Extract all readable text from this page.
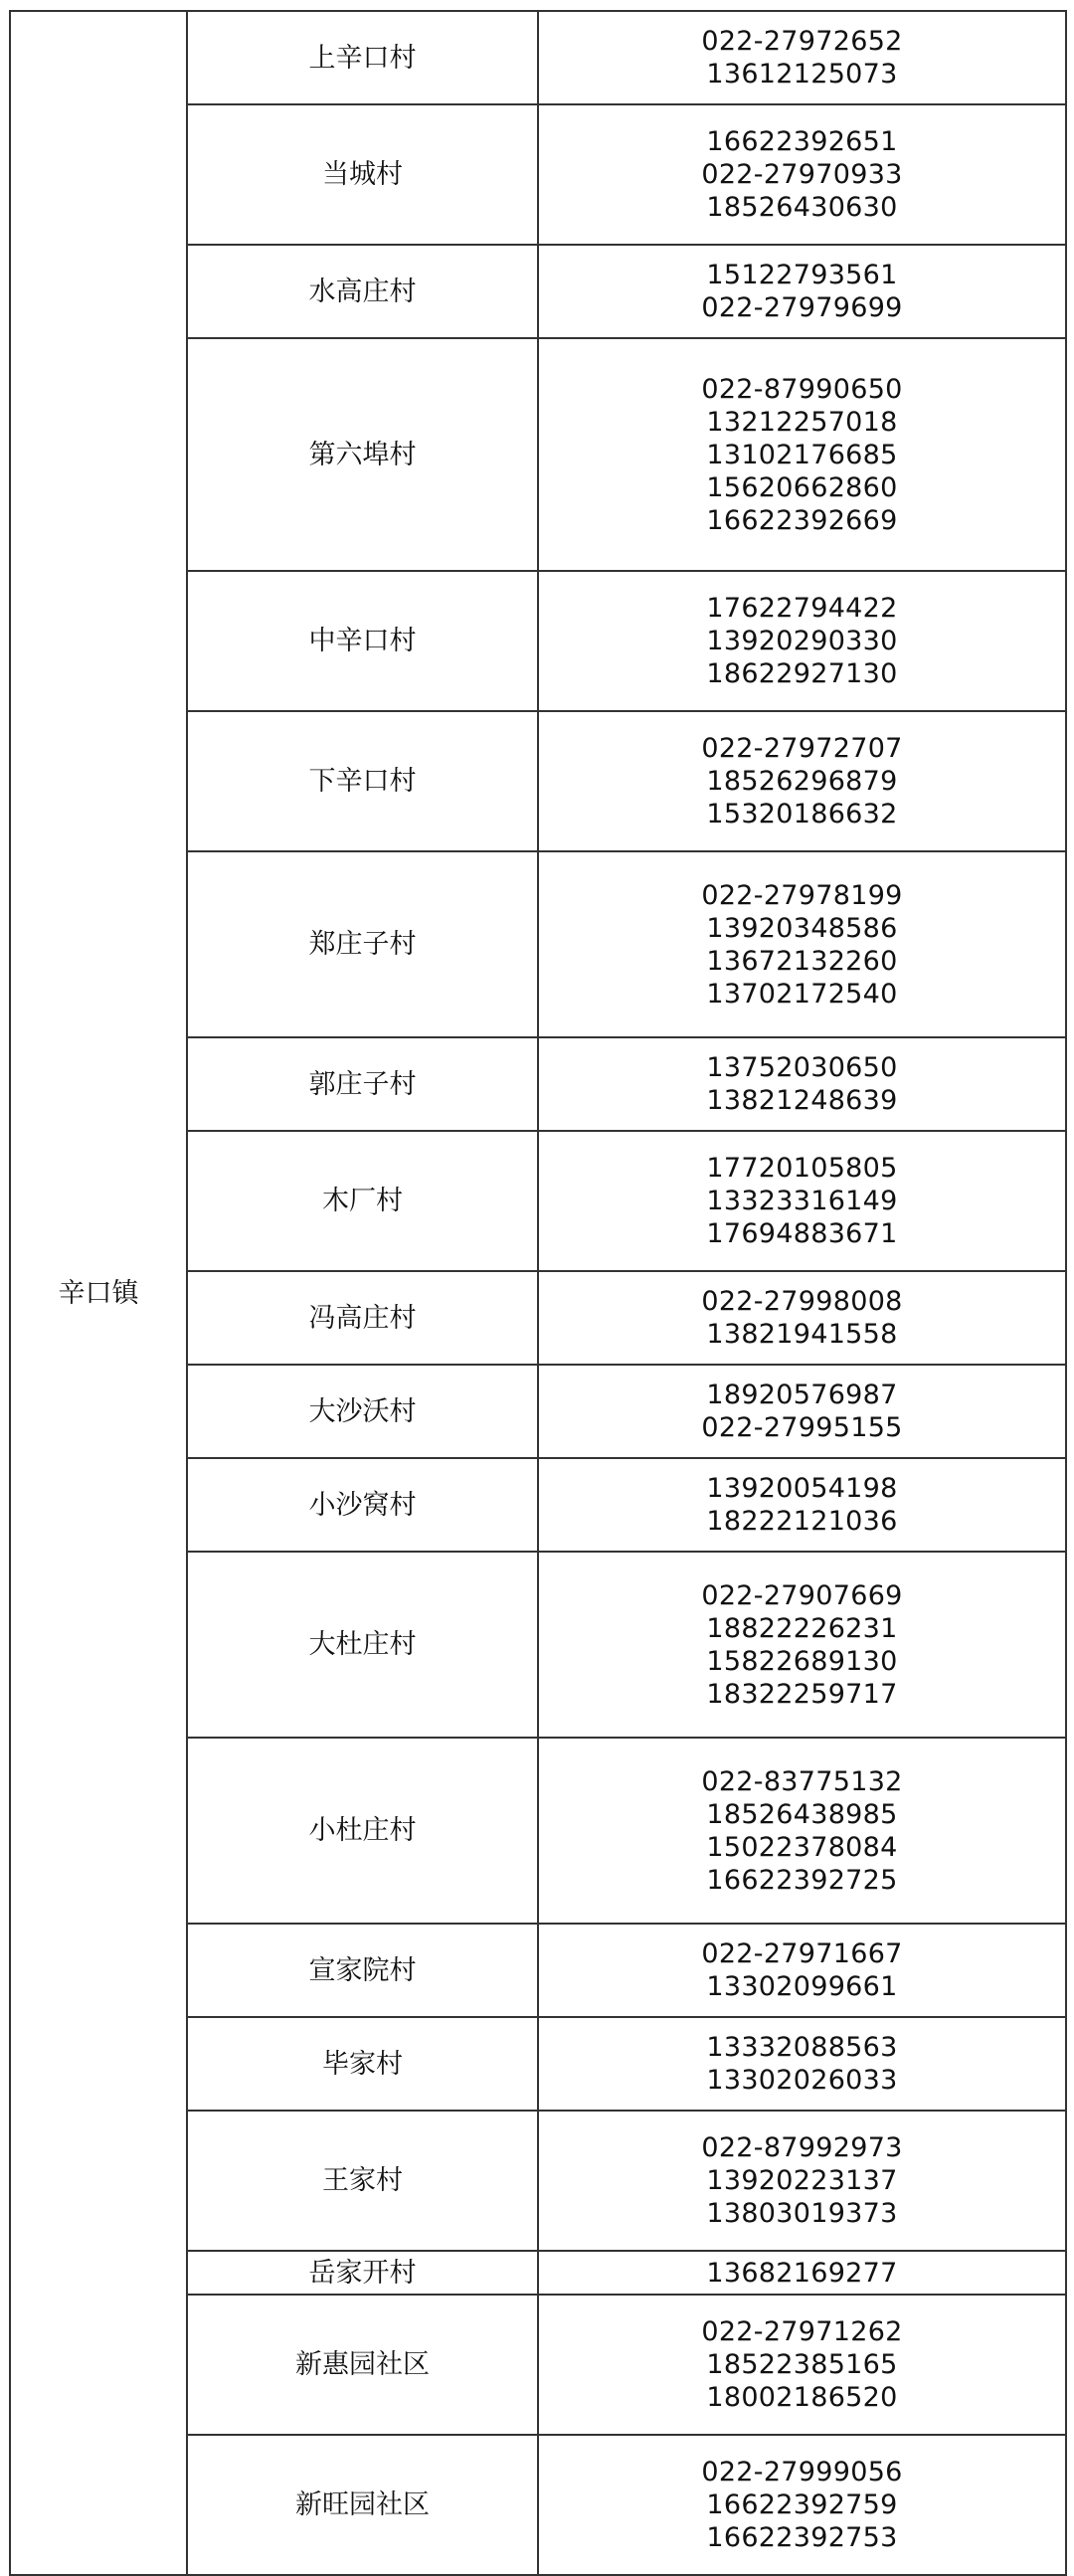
辛口镇	上辛口村	022-27972652
13612125073

	当城村	16622392651
022-27970933
18526430630

	水高庄村	15122793561
022-27979699

	第六埠村	022-87990650
13212257018
13102176685
15620662860
16622392669

	中辛口村	17622794422
13920290330
18622927130

	下辛口村	022-27972707
18526296879
15320186632

	郑庄子村	022-27978199
13920348586
13672132260
13702172540

	郭庄子村	13752030650
13821248639

	木厂村	17720105805
13323316149
17694883671

	冯高庄村	022-27998008
13821941558

	大沙沃村	18920576987
022-27995155

	小沙窝村	13920054198
18222121036

	大杜庄村	022-27907669
18822226231
15822689130
18322259717

	小杜庄村	022-83775132
18526438985
15022378084
16622392725

	宣家院村	022-27971667
13302099661

	毕家村	13332088563
13302026033

	王家村	022-87992973
13920223137
13803019373

	岳家开村	13682169277

	新惠园社区	022-27971262
18522385165
18002186520

	新旺园社区	022-27999056
16622392759
16622392753
